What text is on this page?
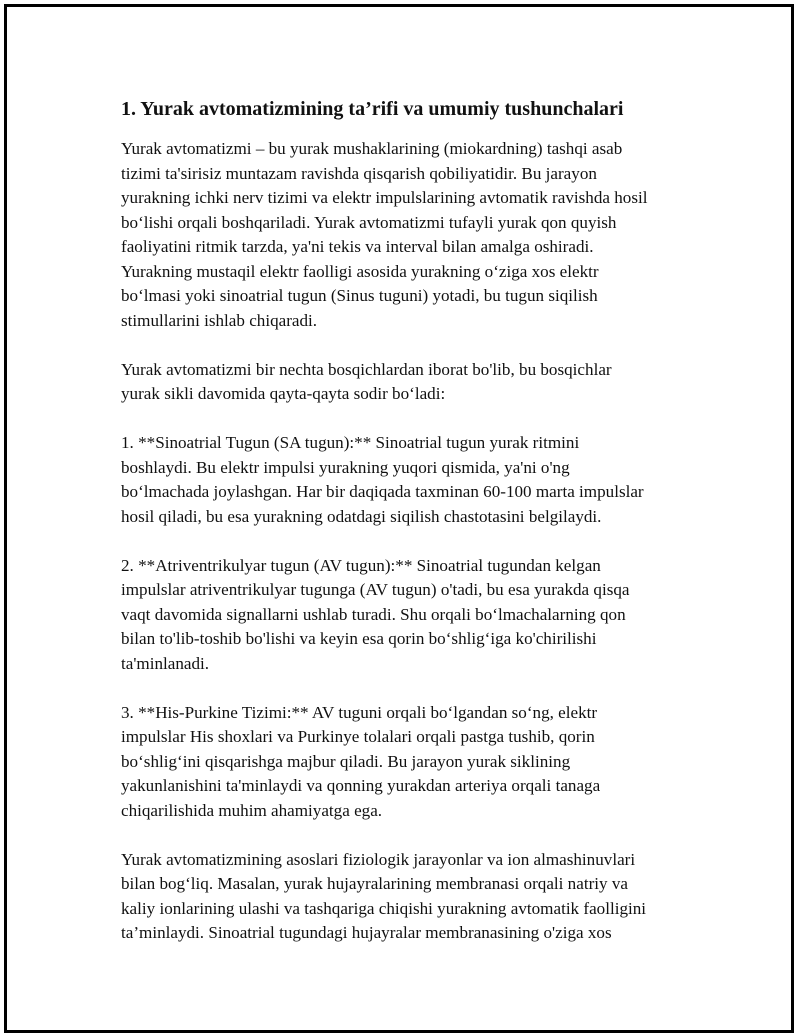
1. Yurak avtomatizmining ta’rifi va umumiy tushunchalari
Yurak avtomatizmi – bu yurak mushaklarining (miokardning) tashqi asab
tizimi ta'sirisiz muntazam ravishda qisqarish qobiliyatidir. Bu jarayon
yurakning ichki nerv tizimi va elektr impulslarining avtomatik ravishda hosil
bo‘lishi orqali boshqariladi. Yurak avtomatizmi tufayli yurak qon quyish
faoliyatini ritmik tarzda, ya'ni tekis va interval bilan amalga oshiradi.
Yurakning mustaqil elektr faolligi asosida yurakning o‘ziga xos elektr
bo‘lmasi yoki sinoatrial tugun (Sinus tuguni) yotadi, bu tugun siqilish
stimullarini ishlab chiqaradi.
Yurak avtomatizmi bir nechta bosqichlardan iborat bo'lib, bu bosqichlar
yurak sikli davomida qayta-qayta sodir bo‘ladi:
1. **Sinoatrial Tugun (SA tugun):** Sinoatrial tugun yurak ritmini
boshlaydi. Bu elektr impulsi yurakning yuqori qismida, ya'ni o'ng
bo‘lmachada joylashgan. Har bir daqiqada taxminan 60-100 marta impulslar
hosil qiladi, bu esa yurakning odatdagi siqilish chastotasini belgilaydi.
2. **Atriventrikulyar tugun (AV tugun):** Sinoatrial tugundan kelgan
impulslar atriventrikulyar tugunga (AV tugun) o'tadi, bu esa yurakda qisqa
vaqt davomida signallarni ushlab turadi. Shu orqali bo‘lmachalarning qon
bilan to'lib-toshib bo'lishi va keyin esa qorin bo‘shlig‘iga ko'chirilishi
ta'minlanadi.
3. **His-Purkine Tizimi:** AV tuguni orqali bo‘lgandan so‘ng, elektr
impulslar His shoxlari va Purkinye tolalari orqali pastga tushib, qorin
bo‘shlig‘ini qisqarishga majbur qiladi. Bu jarayon yurak siklining
yakunlanishini ta'minlaydi va qonning yurakdan arteriya orqali tanaga
chiqarilishida muhim ahamiyatga ega.
Yurak avtomatizmining asoslari fiziologik jarayonlar va ion almashinuvlari
bilan bog‘liq. Masalan, yurak hujayralarining membranasi orqali natriy va
kaliy ionlarining ulashi va tashqariga chiqishi yurakning avtomatik faolligini
ta’minlaydi. Sinoatrial tugundagi hujayralar membranasining o'ziga xos
